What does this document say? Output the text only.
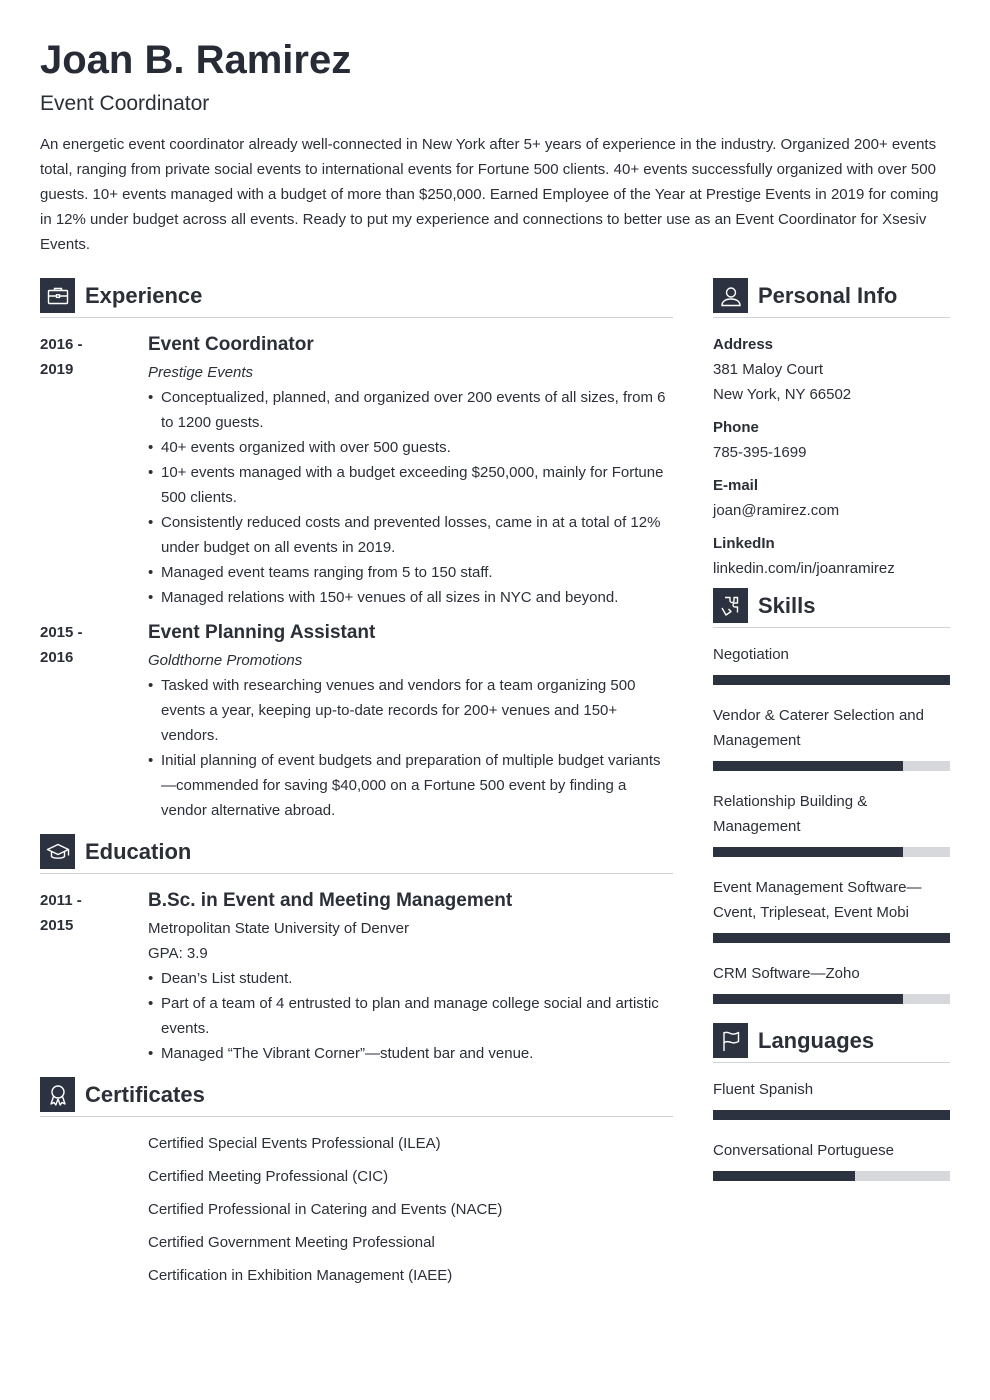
Joan B. Ramirez
Event Coordinator
An energetic event coordinator already well-connected in New York after 5+ years of experience in the industry. Organized 200+ events total, ranging from private social events to international events for Fortune 500 clients. 40+ events successfully organized with over 500 guests. 10+ events managed with a budget of more than $250,000. Earned Employee of the Year at Prestige Events in 2019 for coming in 12% under budget across all events. Ready to put my experience and connections to better use as an Event Coordinator for Xsesiv Events.
Experience
2016 -
2019
Event Coordinator
Prestige Events
• Conceptualized, planned, and organized over 200 events of all sizes, from 6 to 1200 guests.
• 40+ events organized with over 500 guests.
• 10+ events managed with a budget exceeding $250,000, mainly for Fortune 500 clients.
• Consistently reduced costs and prevented losses, came in at a total of 12% under budget on all events in 2019.
• Managed event teams ranging from 5 to 150 staff.
• Managed relations with 150+ venues of all sizes in NYC and beyond.
2015 -
2016
Event Planning Assistant
Goldthorne Promotions
• Tasked with researching venues and vendors for a team organizing 500 events a year, keeping up-to-date records for 200+ venues and 150+ vendors.
• Initial planning of event budgets and preparation of multiple budget variants—commended for saving $40,000 on a Fortune 500 event by finding a vendor alternative abroad.
Education
2011 -
2015
B.Sc. in Event and Meeting Management
Metropolitan State University of Denver
GPA: 3.9
• Dean’s List student.
• Part of a team of 4 entrusted to plan and manage college social and artistic events.
• Managed “The Vibrant Corner”—student bar and venue.
Certificates
Certified Special Events Professional (ILEA)
Certified Meeting Professional (CIC)
Certified Professional in Catering and Events (NACE)
Certified Government Meeting Professional
Certification in Exhibition Management (IAEE)
Personal Info
Address
381 Maloy Court
New York, NY 66502
Phone
785-395-1699
E-mail
joan@ramirez.com
LinkedIn
linkedin.com/in/joanramirez
Skills
Negotiation
Vendor & Caterer Selection and Management
Relationship Building & Management
Event Management Software—Cvent, Tripleseat, Event Mobi
CRM Software—Zoho
Languages
Fluent Spanish
Conversational Portuguese
